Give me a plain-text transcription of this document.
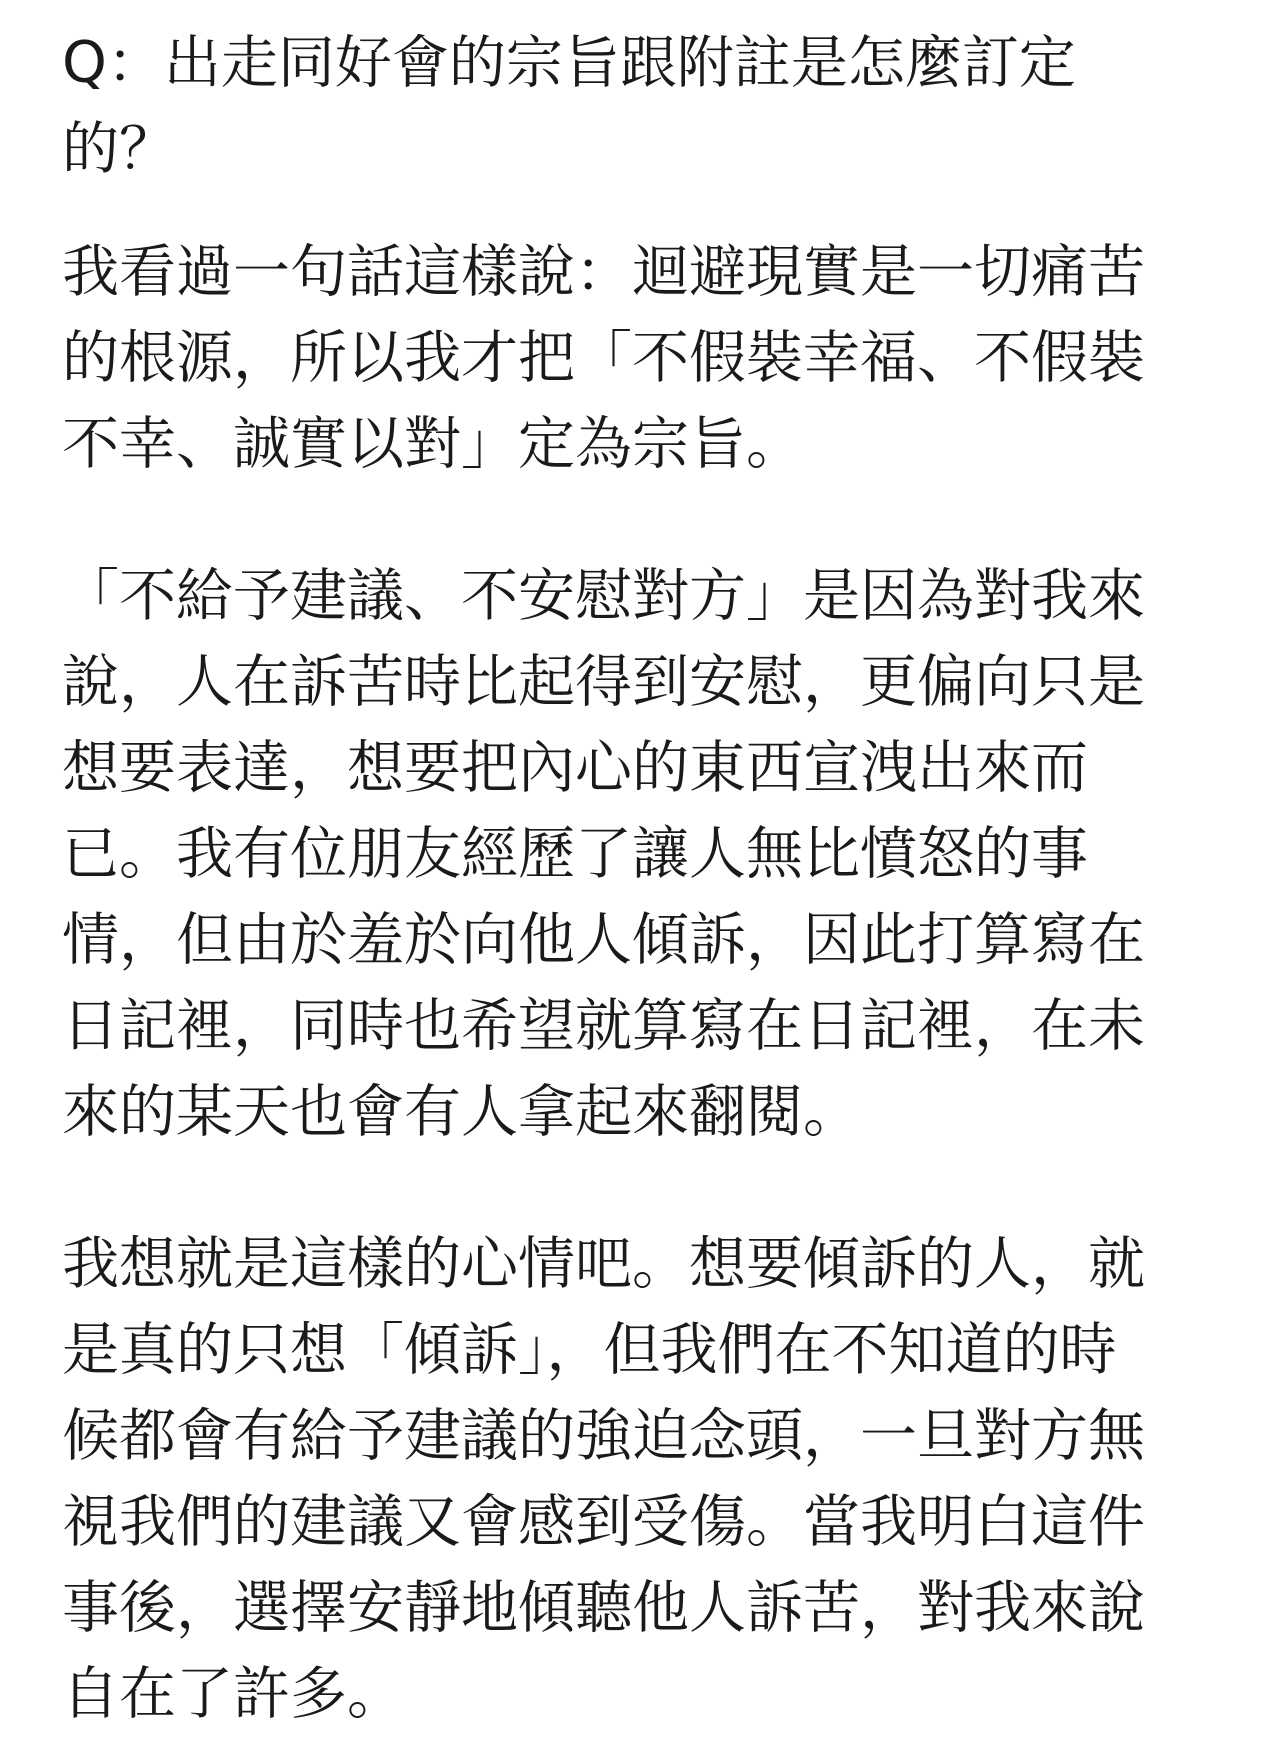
Q：出走同好會的宗旨跟附註是怎麼訂定
的？

我看過一句話這樣說：迴避現實是一切痛苦
的根源，所以我才把「不假裝幸福、不假裝
不幸、誠實以對」定為宗旨。

「不給予建議、不安慰對方」是因為對我來
說，人在訴苦時比起得到安慰，更偏向只是
想要表達，想要把內心的東西宣洩出來而
已。我有位朋友經歷了讓人無比憤怒的事
情，但由於羞於向他人傾訴，因此打算寫在
日記裡，同時也希望就算寫在日記裡，在未
來的某天也會有人拿起來翻閱。

我想就是這樣的心情吧。想要傾訴的人，就
是真的只想「傾訴」，但我們在不知道的時
候都會有給予建議的強迫念頭，一旦對方無
視我們的建議又會感到受傷。當我明白這件
事後，選擇安靜地傾聽他人訴苦，對我來說
自在了許多。
